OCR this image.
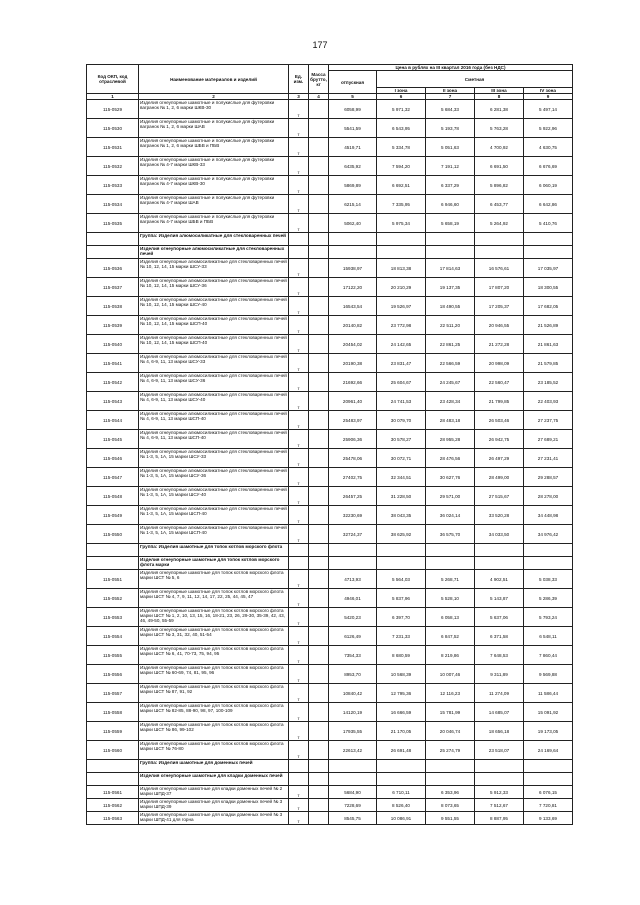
177
Код ОКП, код отраслевой	Наименование материалов и изделий	Ед. изм.	Масса брутто, кг	Цена в рублях на III квартал 2016 года (без НДС)				
				отпускная	Сметная			
					I зона	II зона	III зона	IV зона
1	2	3	4	5	6	7	8	9
115-0529	Изделия огнеупорные шамотные и полукислые для футеровки вагранок № 1, 2, 6 марки ШКВ-30	т		6058,99	5 971,32	5 684,33	6 281,38	5 497,14
115-0530	Изделия огнеупорные шамотные и полукислые для футеровки вагранок № 1, 2, 6 марки ШАВ	т		5541,59	6 543,95	5 193,78	5 763,28	5 922,96
115-0531	Изделия огнеупорные шамотные и полукислые для футеровки вагранок № 1, 2, 6 марки ШБВ и ПБВ	т		4519,71	5 334,78	5 051,63	4 700,92	4 630,75
115-0532	Изделия огнеупорные шамотные и полукислые для футеровки вагранок № 4-7 марки ШКВ-33	т		6435,92	7 594,20	7 191,12	6 691,50	6 676,69
115-0533	Изделия огнеупорные шамотные и полукислые для футеровки вагранок № 4-7 марки ШКВ-30	т		5869,89	6 692,51	6 337,29	5 896,82	6 060,19
115-0534	Изделия огнеупорные шамотные и полукислые для футеровки вагранок № 4-7 марки ШАВ	т		6215,14	7 335,95	6 946,60	6 453,77	6 642,86
115-0535	Изделия огнеупорные шамотные и полукислые для футеровки вагранок № 4-7 марки ШБВ и ПБВ	т		5062,40	5 975,34	5 658,19	5 264,92	5 410,76
	Группа: Изделия алюмосиликатные для стекловаренных печей							
	Изделия огнеупорные алюмосиликатные для стекловаренных печей							
115-0536	Изделия огнеупорные алюмосиликатные для стекловаренных печей № 10, 12, 14, 15 марки ШСУ-33	т		15938,97	18 813,38	17 814,63	16 576,61	17 035,97
115-0537	Изделия огнеупорные алюмосиликатные для стекловаренных печей № 10, 12, 14, 15 марки ШСУ-36	т		17122,20	20 210,29	19 137,35	17 807,20	18 300,55
115-0538	Изделия огнеупорные алюмосиликатные для стекловаренных печей № 10, 12, 14, 15 марки ШСУ-40	т		16543,54	19 526,97	18 490,55	17 205,37	17 682,05
115-0539	Изделия огнеупорные алюмосиликатные для стекловаренных печей № 10, 12, 14, 15 марки ШСП-40	т		20140,82	23 772,98	22 511,20	20 946,55	21 526,89
115-0540	Изделия огнеупорные алюмосиликатные для стекловаренных печей № 10, 12, 14, 15 марки ШСП-40	т		20454,02	24 142,65	22 861,25	21 272,28	21 861,63
115-0541	Изделия огнеупорные алюмосиликатные для стекловаренных печей № 4, 6-9, 11, 13 марки ШСУ-33	т		20190,38	23 831,47	22 566,59	20 998,09	21 579,85
115-0542	Изделия огнеупорные алюмосиликатные для стекловаренных печей № 4, 6-9, 11, 13 марки ШСУ-36	т		21692,66	25 604,67	24 245,67	22 560,47	23 185,52
115-0543	Изделия огнеупорные алюмосиликатные для стекловаренных печей № 4, 6-9, 11, 13 марки ШСУ-40	т		20961,40	24 741,53	23 428,34	21 799,85	22 403,93
115-0544	Изделия огнеупорные алюмосиликатные для стекловаренных печей № 4, 6-9, 11, 13 марки ШСП-40	т		25483,97	30 079,70	28 483,18	26 503,46	27 237,75
115-0545	Изделия огнеупорные алюмосиликатные для стекловаренных печей № 4, 6-9, 11, 13 марки ШСП-40	т		25906,36	30 578,27	28 955,28	26 942,75	27 689,21
115-0546	Изделия огнеупорные алюмосиликатные для стекловаренных печей № 1-3, 5, 1А, 15 марки ШСУ-33	т		25478,06	30 072,71	28 476,56	26 497,29	27 231,41
115-0547	Изделия огнеупорные алюмосиликатные для стекловаренных печей № 1-3, 5, 1А, 15 марки ШСУ-36	т		27402,75	32 344,51	30 627,76	28 499,00	29 288,57
115-0548	Изделия огнеупорные алюмосиликатные для стекловаренных печей № 1-3, 5, 1А, 15 марки ШСУ-40	т		26457,25	31 228,50	29 571,00	27 515,67	28 278,00
115-0549	Изделия огнеупорные алюмосиликатные для стекловаренных печей № 1-3, 5, 1А, 15 марки ШСП-40	т		32230,69	38 043,35	36 024,14	33 520,28	34 448,98
115-0550	Изделия огнеупорные алюмосиликатные для стекловаренных печей № 1-3, 5, 1А, 15 марки ШСП-40	т		32724,37	38 625,92	36 575,70	34 033,50	34 976,42
	Группа: Изделия шамотные для топок котлов морского флота							
	Изделия огнеупорные шамотные для топок котлов морского флота марки							
115-0551	Изделия огнеупорные шамотные для топок котлов морского флота марки ШСТ № 5, 6	т		4713,93	5 564,03	5 268,71	4 902,51	5 038,33
115-0552	Изделия огнеупорные шамотные для топок котлов морского флота марки ШСТ № 4, 7, 9, 11, 12, 14, 17, 22, 25, 44, 45, 47	т		4946,01	5 837,96	5 528,10	5 143,87	5 286,39
115-0553	Изделия огнеупорные шамотные для топок котлов морского флота марки ШСТ № 1, 2, 10, 13, 15, 16, 18-21, 23, 26, 29-30, 35-39, 42, 43, 46, 49-50, 55-59	т		5420,23	6 397,70	6 058,13	5 637,06	5 793,24
115-0554	Изделия огнеупорные шамотные для топок котлов морского флота марки ШСТ № 3, 31, 32, 40, 51-54	т		6126,49	7 231,33	6 847,52	6 371,58	6 548,11
115-0555	Изделия огнеупорные шамотные для топок котлов морского флота марки ШСТ № 6, 41, 70-73, 75, 94, 95	т		7354,33	8 680,59	8 219,86	7 648,53	7 860,44
115-0556	Изделия огнеупорные шамотные для топок котлов морского флота марки ШСТ № 60-69, 74, 81, 95, 96	т		8953,70	10 568,39	10 007,46	9 311,89	9 569,88
115-0557	Изделия огнеупорные шамотные для топок котлов морского флота марки ШСТ № 87, 91, 92	т		10840,42	12 795,36	12 116,23	11 274,09	11 586,44
115-0558	Изделия огнеупорные шамотные для топок котлов морского флота марки ШСТ № 82-85, 88-90, 98, 97, 100-109	т		14120,19	16 666,59	15 781,99	14 685,07	15 091,92
115-0559	Изделия огнеупорные шамотные для топок котлов морского флота марки ШСТ № 86, 99-102	т		17935,55	21 170,05	20 046,74	18 656,18	19 173,05
115-0560	Изделия огнеупорные шамотные для топок котлов морского флота марки ШСТ № 76-80	т		22613,42	26 691,48	25 274,79	23 518,07	24 169,64
	Группа: Изделия шамотные для доменных печей							
	Изделия огнеупорные шамотные для кладки доменных печей							
115-0561	Изделия огнеупорные шамотные для кладки доменных печей № 2 марки ШПД-37	т		5684,90	6 710,11	6 353,96	5 912,33	6 076,15
115-0562	Изделия огнеупорные шамотные для кладки доменных печей № 3 марки ШПД-39	т		7228,69	8 526,40	8 073,65	7 512,67	7 720,81
115-0563	Изделия огнеупорные шамотные для кладки доменных печей № 3 марки ШПД-41 для горна	т		8545,75	10 086,91	9 551,55	8 887,95	9 133,69
